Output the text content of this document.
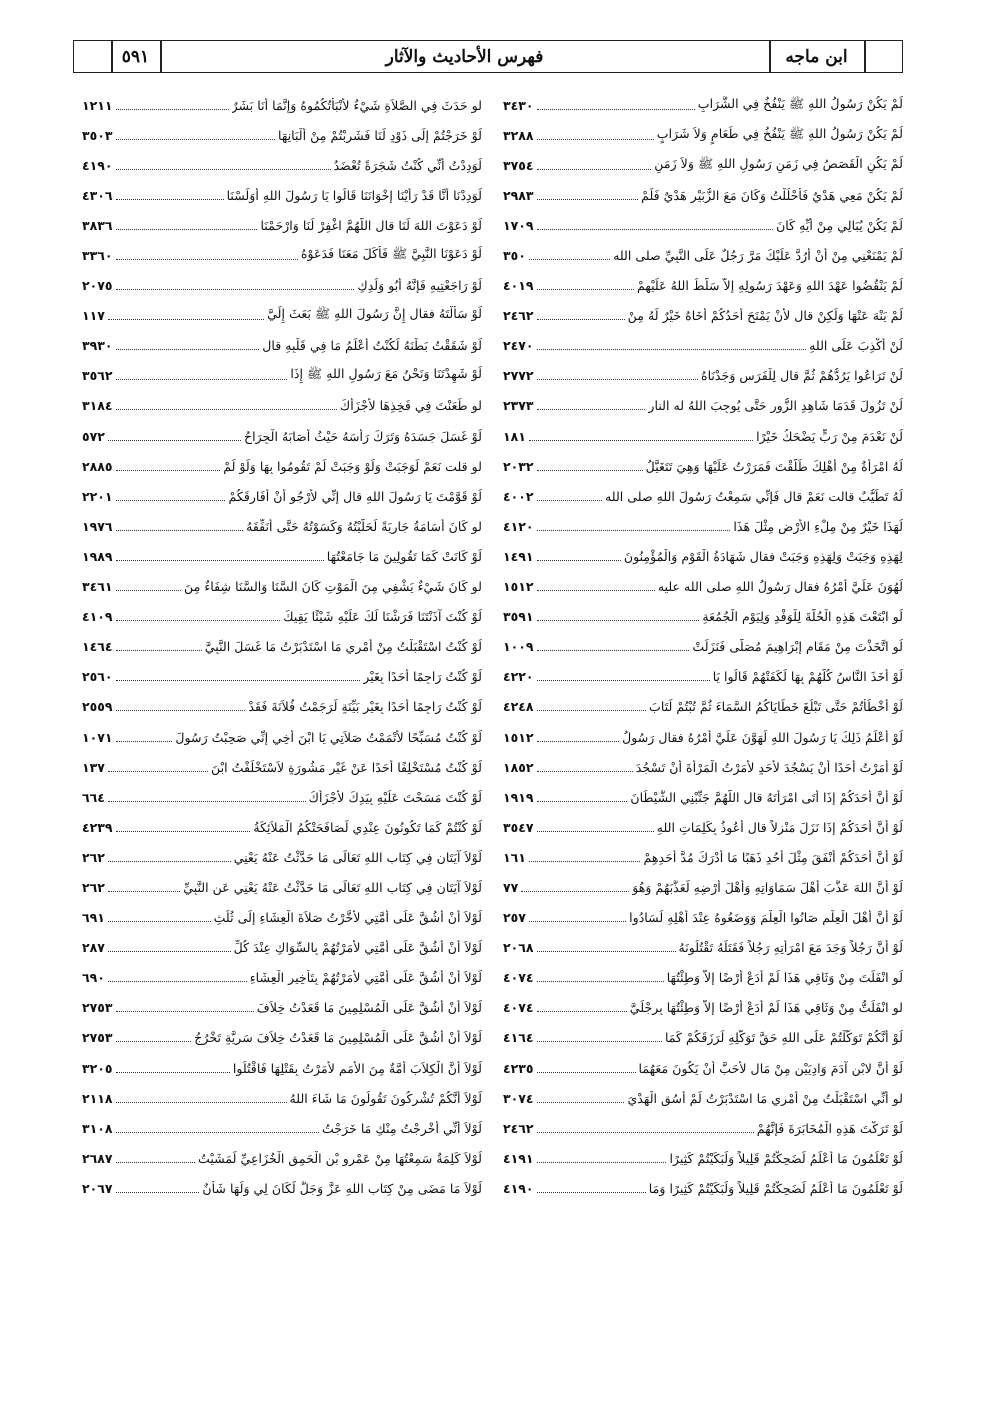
٥٩١	فهرس الأحاديث والآثار	ابن ماجه
لَمْ يَكُنْ رَسُولُ اللهِ ﷺ يَنْفُخُ فِي الشَّرَابِ
٣٤٣٠
لَمْ يَكُنْ رَسُولُ اللهِ ﷺ يَنْفُخُ فِي طَعَامٍ وَلاَ شَرَابٍ
٣٢٨٨
لَمْ يَكُنِ الْقَصَصُ فِي زَمَنِ رَسُولِ اللهِ ﷺ وَلاَ زَمَنِ
٣٧٥٤
لَمْ يَكُنْ مَعِي هَدْيٌ فَأَحْلَلْتُ وَكَانَ مَعَ الزُّبَيْرِ هَدْيٌ فَلَمْ
٢٩٨٣
لَمْ يَكُنْ يُبَالِي مِنْ أَيِّهِ كَانَ
١٧٠٩
لَمْ يَمْنَعْنِي مِنْ أَنْ أَرُدَّ عَلَيْكَ مَرَّ رَجُلٌ عَلَى النَّبِيِّ صلى الله
٣٥٠
لَمْ يَنْقُضُوا عَهْدَ اللهِ وَعَهْدَ رَسُولِهِ إِلاَّ سَلَّطَ اللهُ عَلَيْهِمْ
٤٠١٩
لَمْ يَنْهَ عَنْهَا وَلَكِنْ قال لأَنْ يَمْنَحَ أَحَدُكُمْ أَخَاهُ خَيْرٌ لَهُ مِنْ
٢٤٦٢
لَنْ أَكْذِبَ عَلَى اللهِ
٢٤٧٠
لَنْ تَرَاعُوا يَرُدُّهُمْ ثُمَّ قال لِلْفَرَسِ وَجَدْنَاهُ
٢٧٧٢
لَنْ تَزُولَ قَدَمَا شَاهِدِ الزُّورِ حَتَّى يُوجِبَ اللهُ له النار
٢٣٧٣
لَنْ نَعْدَمَ مِنْ رَبٍّ يَضْحَكُ خَيْرًا
١٨١
لَهُ امْرَأَةٌ مِنْ أَهْلِكَ طَلَّقْتَ فَمَرَرْتُ عَلَيْهَا وَهِيَ تَتَغَيَّلُ
٢٠٣٢
لَهُ تَطَيُّبٌ قالت نَعَمْ قال فَإِنِّي سَمِعْتُ رَسُولَ اللهِ صلى الله
٤٠٠٢
لَهَذَا خَيْرٌ مِنْ مِلْءِ الأَرْضِ مِثْلَ هَذَا
٤١٢٠
لِهَذِهِ وَجَبَتْ وَلِهَذِهِ وَجَبَتْ فقال شَهَادَةُ الْقَوْمِ وَالْمُؤْمِنُونَ
١٤٩١
لَهُوَنَ عَلَيَّ أَمْرُهُ فقال رَسُولُ اللهِ صلى الله عليه
١٥١٢
لَوِ ابْتَعْتَ هَذِهِ الْحُلَّةَ لِلْوَفْدِ وَلِيَوْمِ الْجُمُعَةِ
٣٥٩١
لَوِ اتَّخَذْتَ مِنْ مَقَامِ إِبْرَاهِيمَ مُصَلًّى فَنَزَلَتْ
١٠٠٩
لَوْ أَخَذَ النَّاسُ كُلُّهُمْ بِهَا لَكَفَتْهُمْ قَالُوا يَا
٤٢٢٠
لَوْ أَخْطَأْتُمْ حَتَّى تَبْلُغَ خَطَايَاكُمُ السَّمَاءَ ثُمَّ تُبْتُمْ لَتَابَ
٤٢٤٨
لَوْ أَعْلَمُ ذَلِكَ يَا رَسُولَ اللهِ لَهَوَّنَ عَلَيَّ أَمْرُهُ فقال رَسُولُ
١٥١٢
لَوْ أَمَرْتُ أَحَدًا أَنْ يَسْجُدَ لأَحَدٍ لأَمَرْتُ الْمَرْأَةَ أَنْ تَسْجُدَ
١٨٥٢
لَوْ أَنَّ أَحَدَكُمْ إِذَا أَتَى امْرَأَتَهُ قال اللَّهُمَّ جَنِّبْنِي الشَّيْطَانَ
١٩١٩
لَوْ أَنَّ أَحَدَكُمْ إِذَا نَزَلَ مَنْزِلاً قال أَعُوذُ بِكَلِمَاتِ اللهِ
٣٥٤٧
لَوْ أَنَّ أَحَدَكُمْ أَنْفَقَ مِثْلَ أُحُدٍ ذَهَبًا مَا أَدْرَكَ مُدَّ أَحَدِهِمْ
١٦١
لَوْ أَنَّ اللهَ عَذَّبَ أَهْلَ سَمَاوَاتِهِ وَأَهْلَ أَرْضِهِ لَعَذَّبَهُمْ وَهُوَ
٧٧
لَوْ أَنَّ أَهْلَ الْعِلْمِ صَانُوا الْعِلْمَ وَوَضَعُوهُ عِنْدَ أَهْلِهِ لَسَادُوا
٢٥٧
لَوْ أَنَّ رَجُلاً وَجَدَ مَعَ امْرَأَتِهِ رَجُلاً فَقَتَلَهُ تَقْتُلُونَهُ
٢٠٦٨
لَوِ انْفَلَتَ مِنْ وَثَاقِي هَذَا لَمْ أَدَعْ أَرْضًا إِلاَّ وَطِئْتُهَا
٤٠٧٤
لو انْفَلَتُّ مِنْ وَثَاقِي هَذَا لَمْ أَدَعْ أَرْضًا إِلاَّ وَطِئْتُهَا بِرِجْلَيَّ
٤٠٧٤
لَوْ أَنَّكُمْ تَوَكَّلْتُمْ عَلَى اللهِ حَقَّ تَوَكُّلِهِ لَرَزَقَكُمْ كَمَا
٤١٦٤
لَوْ أَنَّ لابْنِ آدَمَ وَادِيَيْنِ مِنْ مَالٍ لأَحَبَّ أَنْ يَكُونَ مَعَهُمَا
٤٢٣٥
لو أَنِّي اسْتَقْبَلْتُ مِنْ أَمْرِي مَا اسْتَدْبَرْتُ لَمْ أَسُقِ الْهَدْيَ
٣٠٧٤
لَوْ تَرَكْتَ هَذِهِ الْمُخَابَرَةَ فَإِنَّهُمْ
٢٤٦٢
لَوْ تَعْلَمُونَ مَا أَعْلَمُ لَضَحِكْتُمْ قَلِيلاً وَلَبَكَيْتُمْ كَثِيرًا
٤١٩١
لَوْ تَعْلَمُونَ مَا أَعْلَمُ لَضَحِكْتُمْ قَلِيلاً وَلَبَكَيْتُمْ كَثِيرًا وَمَا
٤١٩٠
لو حَدَثَ فِي الصَّلاَةِ شَيْءٌ لأَنْبَأْتُكُمُوهُ وَإِنَّمَا أَنَا بَشَرٌ
١٢١١
لَوْ خَرَجْتُمْ إِلَى ذَوْدٍ لَنَا فَشَرِبْتُمْ مِنْ أَلْبَانِهَا
٣٥٠٣
لَوَدِدْتُ أَنِّي كُنْتُ شَجَرَةً تُعْضَدُ
٤١٩٠
لَوَدِدْنَا أَنَّا قَدْ رَأَيْنَا إِخْوَانَنَا قَالُوا يَا رَسُولَ اللهِ أَوَلَسْنَا
٤٣٠٦
لَوْ دَعَوْتَ اللهَ لَنَا قال اللَّهُمَّ اغْفِرْ لَنَا وَارْحَمْنَا
٣٨٣٦
لَوْ دَعَوْنَا النَّبِيَّ ﷺ فَأَكَلَ مَعَنَا فَدَعَوْهُ
٣٣٦٠
لَوْ رَاجَعْتِيهِ فَإِنَّهُ أَبُو وَلَدِكِ
٢٠٧٥
لَوْ سَأَلْتَهُ فقال إِنَّ رَسُولَ اللهِ ﷺ بَعَثَ إِلَيَّ
١١٧
لَوْ شَقَقْتُ بَطْنَهُ لَكُنْتُ أَعْلَمُ مَا فِي قَلْبِهِ قال
٣٩٣٠
لَوْ شَهِدْتَنَا وَنَحْنُ مَعَ رَسُولِ اللهِ ﷺ إِذَا
٣٥٦٢
لو طَعَنْتَ فِي فَخِذِهَا لأَجْزَأَكَ
٣١٨٤
لَوْ غَسَلَ جَسَدَهُ وَتَرَكَ رَأْسَهُ حَيْثُ أَصَابَهُ الْجِرَاحُ
٥٧٢
لو قلت نَعَمْ لَوَجَبَتْ وَلَوْ وَجَبَتْ لَمْ تَقُومُوا بِهَا وَلَوْ لَمْ
٢٨٨٥
لَوْ قَوَّمْتَ يَا رَسُولَ اللهِ قال إِنِّي لأَرْجُو أَنْ أُفَارِقَكُمْ
٢٢٠١
لو كَانَ أُسَامَةُ جَارِيَةً لَحَلَّيْتُهُ وَكَسَوْتُهُ حَتَّى أُنَفِّقَهُ
١٩٧٦
لَوْ كَانَتْ كَمَا تَقُولِينَ مَا جَامَعْتُهَا
١٩٨٩
لو كَانَ شَيْءٌ يَشْفِي مِنَ الْمَوْتِ كَانَ السَّنَا وَالسَّنَا شِفَاءٌ مِنَ
٣٤٦١
لَوْ كُنْتَ آذَنْتَنَا فَرَشْنَا لَكَ عَلَيْهِ شَيْئًا يَقِيكَ
٤١٠٩
لَوْ كُنْتُ اسْتَقْبَلْتُ مِنْ أَمْرِي مَا اسْتَدْبَرْتُ مَا غَسَلَ النَّبِيَّ
١٤٦٤
لَوْ كُنْتُ رَاجِمًا أَحَدًا بِغَيْرِ
٢٥٦٠
لَوْ كُنْتُ رَاجِمًا أَحَدًا بِغَيْرِ بَيِّنَةٍ لَرَجَمْتُ فُلاَنَةَ فَقَدْ
٢٥٥٩
لَوْ كُنْتُ مُسَبِّحًا لأَتْمَمْتُ صَلاَتِي يَا ابْنَ أَخِي إِنِّي صَحِبْتُ رَسُولَ
١٠٧١
لَوْ كُنْتُ مُسْتَخْلِفًا أَحَدًا عَنْ غَيْرِ مَشُورَةٍ لاَسْتَخْلَفْتُ ابْنَ
١٣٧
لَوْ كُنْتَ مَسَحْتَ عَلَيْهِ بِيَدِكَ لأَجْزَأَكَ
٦٦٤
لَوْ كُنْتُمْ كَمَا تَكُونُونَ عِنْدِي لَصَافَحَتْكُمُ الْمَلاَئِكَةُ
٤٢٣٩
لَوْلاَ آيَتَانِ فِي كِتَابِ اللهِ تَعَالَى مَا حَدَّثْتُ عَنْهُ يَعْنِي
٢٦٢
لَوْلاَ آيَتَانِ فِي كِتَابِ اللهِ تَعَالَى مَا حَدَّثْتُ عَنْهُ يَعْنِي عَنِ النَّبِيِّ
٢٦٢
لَوْلاَ أَنْ أَشُقَّ عَلَى أُمَّتِي لأَخَّرْتُ صَلاَةَ الْعِشَاءِ إِلَى ثُلُثِ
٦٩١
لَوْلاَ أَنْ أَشُقَّ عَلَى أُمَّتِي لأَمَرْتُهُمْ بِالسِّوَاكِ عِنْدَ كُلِّ
٢٨٧
لَوْلاَ أَنْ أَشُقَّ عَلَى أُمَّتِي لأَمَرْتُهُمْ بِتَأْخِيرِ الْعِشَاءِ
٦٩٠
لَوْلاَ أَنْ أَشُقَّ عَلَى الْمُسْلِمِينَ مَا قَعَدْتُ خِلاَفَ
٢٧٥٣
لَوْلاَ أَنْ أَشُقَّ عَلَى الْمُسْلِمِينَ مَا قَعَدْتُ خِلاَفَ سَرِيَّةٍ تَخْرُجُ
٢٧٥٣
لَوْلاَ أَنَّ الْكِلاَبَ أُمَّةٌ مِنَ الأُمَمِ لأَمَرْتُ بِقَتْلِهَا فَاقْتُلُوا
٣٢٠٥
لَوْلاَ أَنَّكُمْ تُشْرِكُونَ تَقُولُونَ مَا شَاءَ اللهُ
٢١١٨
لَوْلاَ أَنِّي أُخْرِجْتُ مِنْكِ مَا خَرَجْتُ
٣١٠٨
لَوْلاَ كَلِمَةٌ سَمِعْتُهَا مِنْ عَمْرِو بْنِ الْحَمِقِ الْخُزَاعِيِّ لَمَشَيْتُ
٢٦٨٧
لَوْلاَ مَا مَضَى مِنْ كِتَابِ اللهِ عَزَّ وَجَلَّ لَكَانَ لِي وَلَهَا شَأْنٌ
٢٠٦٧
